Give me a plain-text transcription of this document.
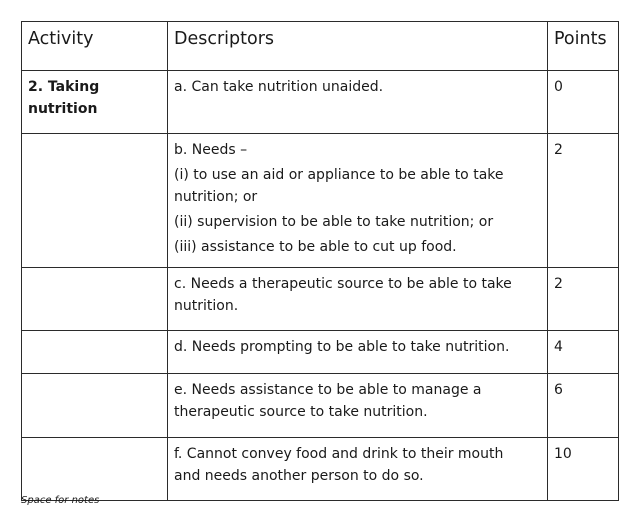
Activity	Descriptors	Points

2. Taking
nutrition	a. Can take nutrition unaided.	0

	b. Needs –
(i) to use an aid or appliance to be able to take
nutrition; or
(ii) supervision to be able to take nutrition; or
(iii) assistance to be able to cut up food.	2

	c. Needs a therapeutic source to be able to take
nutrition.	2

	d. Needs prompting to be able to take nutrition.	4

	e. Needs assistance to be able to manage a
therapeutic source to take nutrition.	6

	f. Cannot convey food and drink to their mouth
and needs another person to do so.	10
Space for notes
